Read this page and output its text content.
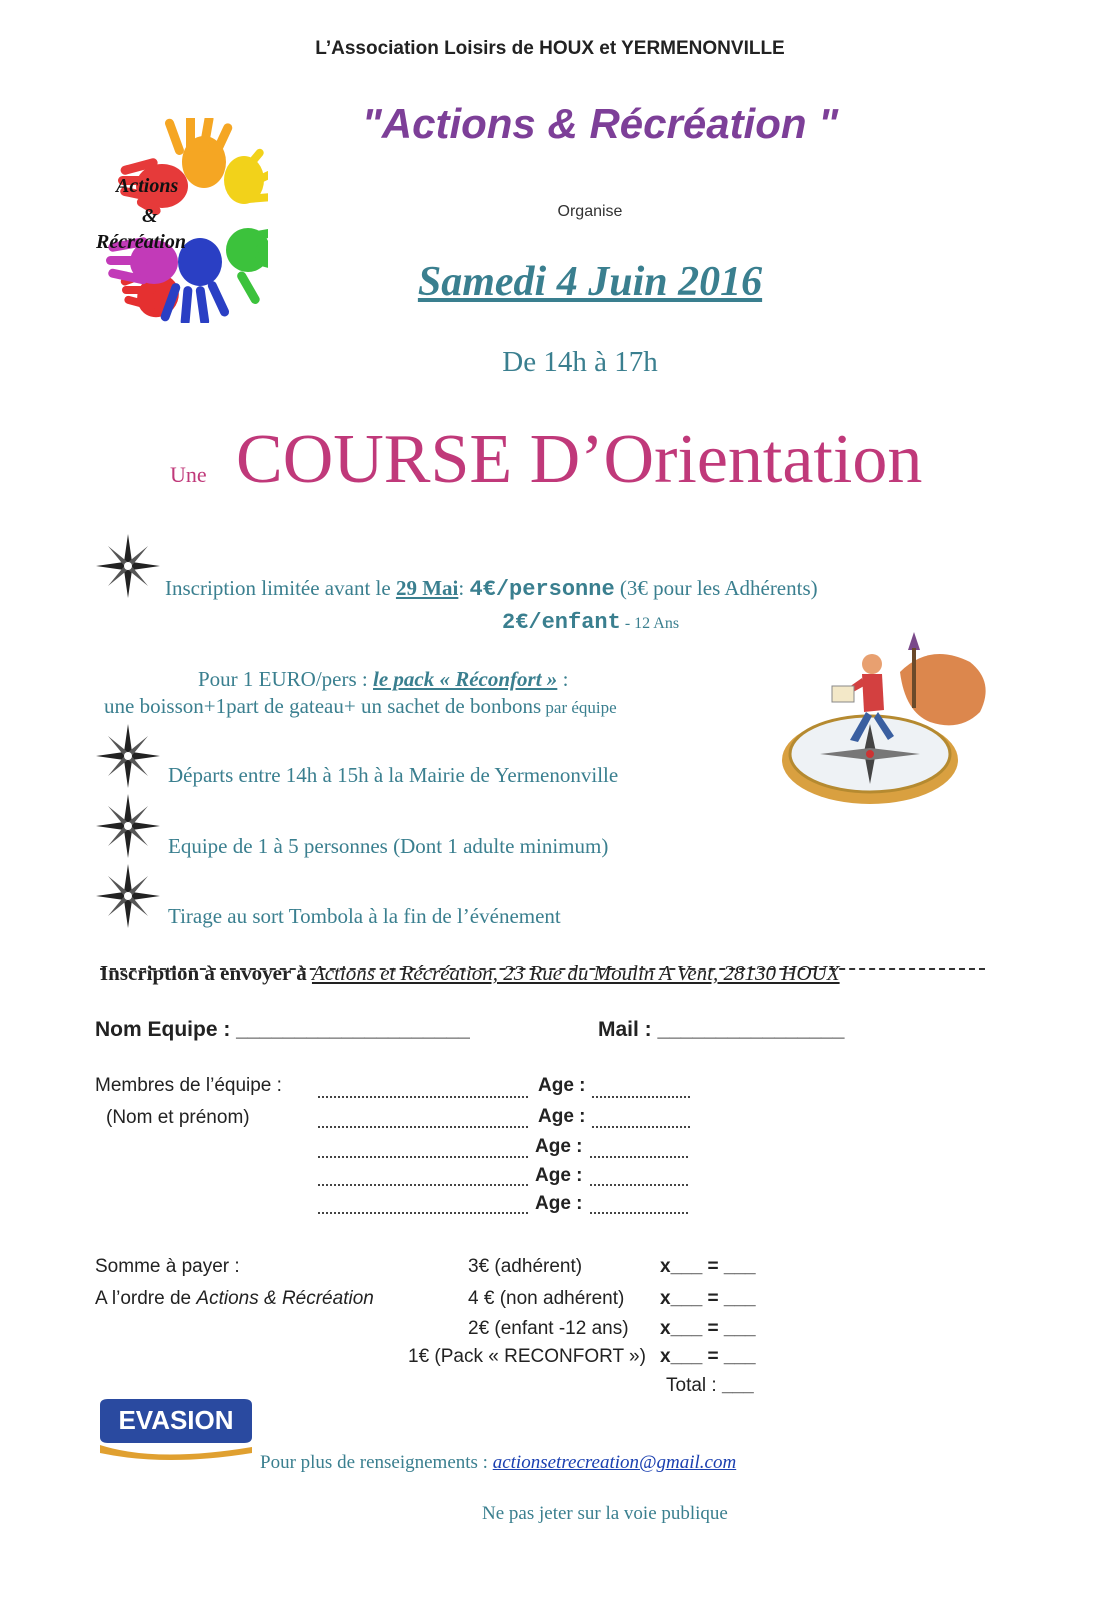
L’Association Loisirs de HOUX et YERMENONVILLE
"Actions & Récréation "
Actions
&
Récréation
Organise
Samedi 4 Juin 2016
De 14h à 17h
Une COURSE D’Orientation
Inscription limitée avant le 29 Mai: 4€/personne (3€ pour les Adhérents)
2€/enfant - 12 Ans
Pour 1 EURO/pers : le pack « Réconfort » :
une boisson+1part de gateau+ un sachet de bonbons par équipe
Départs entre 14h à 15h à la Mairie de Yermenonville
Equipe de 1 à 5 personnes (Dont 1 adulte minimum)
Tirage au sort Tombola à la fin de l’événement
Inscription à envoyer à Actions et Récréation, 23 Rue du Moulin A Vent, 28130 HOUX
Nom Equipe : ____________________	Mail : ________________
Membres de l’équipe :
(Nom et prénom)
Age :
Age :
Age :
Age :
Age :
Somme à payer :
A l’ordre de Actions & Récréation
3€ (adhérent)
4 € (non adhérent)
2€ (enfant -12 ans)
1€ (Pack « RECONFORT »)
x___ = ___
x___ = ___
x___ = ___
x___ = ___
Total : ___
EVASION
Pour plus de renseignements : actionsetrecreation@gmail.com
Ne pas jeter sur la voie publique
